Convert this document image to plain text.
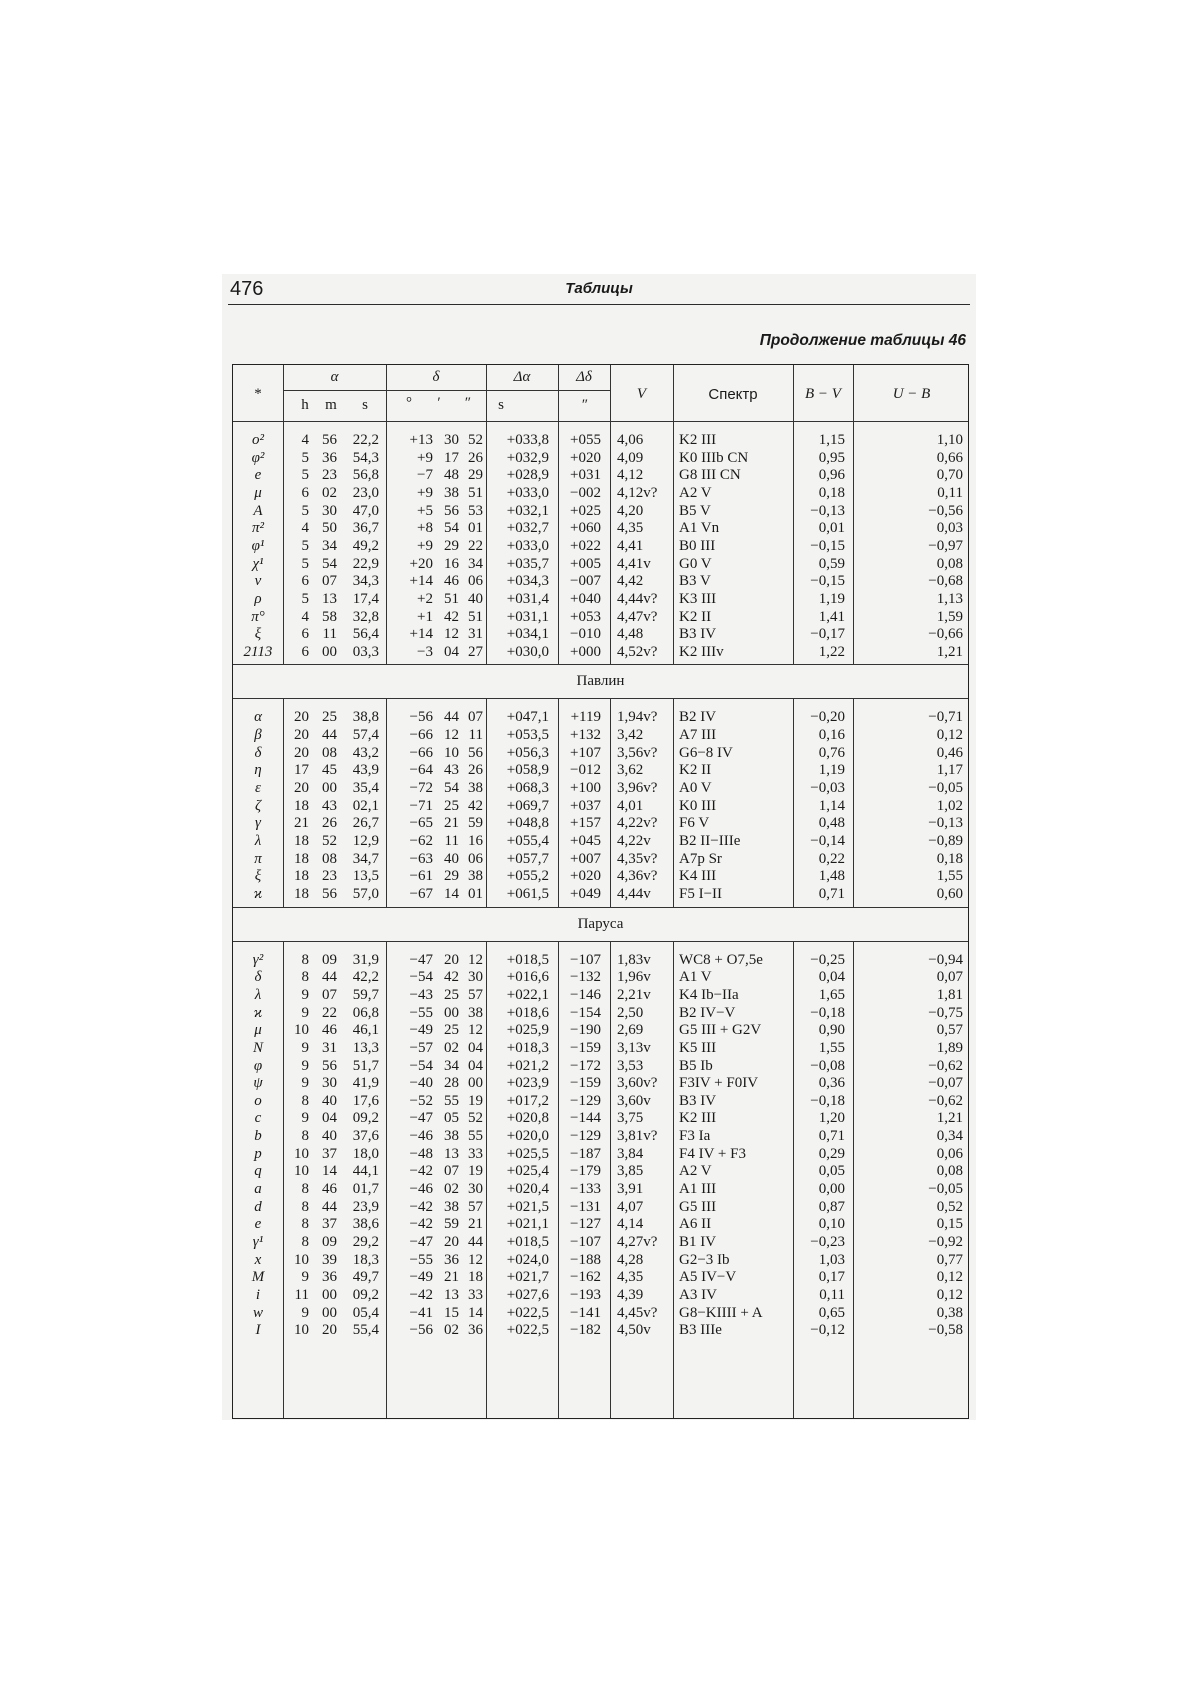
476	Таблицы
Продолжение таблицы 46
*
α
h	m	s
δ
°	′	″
Δα
s
Δδ
″
V	Спектр	B − V	U − B
o²	4 56	22,2	+13 30 52	+033,8	+055 4,06	K2 III	1,15	1,10
φ²	5 36	54,3	+9 17 26	+032,9	+020 4,09	K0 IIIb CN	0,95	0,66
e	5 23	56,8	−7 48 29	+028,9	+031 4,12	G8 III CN	0,96	0,70
μ	6 02	23,0	+9 38 51	+033,0	−002 4,12v?	A2 V	0,18	0,11
A	5 30	47,0	+5 56 53	+032,1	+025 4,20	B5 V	−0,13	−0,56
π²	4 50	36,7	+8 54 01	+032,7	+060 4,35	A1 Vn	0,01	0,03
φ¹	5 34	49,2	+9 29 22	+033,0	+022 4,41	B0 III	−0,15	−0,97
χ¹	5 54	22,9	+20 16 34	+035,7	+005 4,41v	G0 V	0,59	0,08
ν	6 07	34,3	+14 46 06	+034,3	−007 4,42	B3 V	−0,15	−0,68
ρ	5 13	17,4	+2 51 40	+031,4	+040 4,44v?	K3 III	1,19	1,13
π°	4 58	32,8	+1 42 51	+031,1	+053 4,47v?	K2 II	1,41	1,59
ξ	6 11	56,4	+14 12 31	+034,1	−010 4,48	B3 IV	−0,17	−0,66
2113	6 00	03,3	−3 04 27	+030,0	+000 4,52v?	K2 IIIv	1,22	1,21
Павлин
α	20 25	38,8	−56 44 07	+047,1	+119 1,94v?	B2 IV	−0,20	−0,71
β	20 44	57,4	−66 12 11	+053,5	+132 3,42	A7 III	0,16	0,12
δ	20 08	43,2	−66 10 56	+056,3	+107 3,56v?	G6−8 IV	0,76	0,46
η	17 45	43,9	−64 43 26	+058,9	−012 3,62	K2 II	1,19	1,17
ε	20 00	35,4	−72 54 38	+068,3	+100 3,96v?	A0 V	−0,03	−0,05
ζ	18 43	02,1	−71 25 42	+069,7	+037 4,01	K0 III	1,14	1,02
γ	21 26	26,7	−65 21 59	+048,8	+157 4,22v?	F6 V	0,48	−0,13
λ	18 52	12,9	−62 11 16	+055,4	+045 4,22v	B2 II−IIIe	−0,14	−0,89
π	18 08	34,7	−63 40 06	+057,7	+007 4,35v?	A7p Sr	0,22	0,18
ξ	18 23	13,5	−61 29 38	+055,2	+020 4,36v?	K4 III	1,48	1,55
ϰ	18 56	57,0	−67 14 01	+061,5	+049 4,44v	F5 I−II	0,71	0,60
Паруса
γ²	8 09	31,9	−47 20 12	+018,5	−107 1,83v	WC8 + O7,5e	−0,25	−0,94
δ	8 44	42,2	−54 42 30	+016,6	−132 1,96v	A1 V	0,04	0,07
λ	9 07	59,7	−43 25 57	+022,1	−146 2,21v	K4 Ib−IIa	1,65	1,81
ϰ	9 22	06,8	−55 00 38	+018,6	−154 2,50	B2 IV−V	−0,18	−0,75
μ	10 46	46,1	−49 25 12	+025,9	−190 2,69	G5 III + G2V	0,90	0,57
N	9 31	13,3	−57 02 04	+018,3	−159 3,13v	K5 III	1,55	1,89
φ	9 56	51,7	−54 34 04	+021,2	−172 3,53	B5 Ib	−0,08	−0,62
ψ	9 30	41,9	−40 28 00	+023,9	−159 3,60v?	F3IV + F0IV	0,36	−0,07
o	8 40	17,6	−52 55 19	+017,2	−129 3,60v	B3 IV	−0,18	−0,62
c	9 04	09,2	−47 05 52	+020,8	−144 3,75	K2 III	1,20	1,21
b	8 40	37,6	−46 38 55	+020,0	−129 3,81v?	F3 Ia	0,71	0,34
p	10 37	18,0	−48 13 33	+025,5	−187 3,84	F4 IV + F3	0,29	0,06
q	10 14	44,1	−42 07 19	+025,4	−179 3,85	A2 V	0,05	0,08
a	8 46	01,7	−46 02 30	+020,4	−133 3,91	A1 III	0,00	−0,05
d	8 44	23,9	−42 38 57	+021,5	−131 4,07	G5 III	0,87	0,52
e	8 37	38,6	−42 59 21	+021,1	−127 4,14	A6 II	0,10	0,15
γ¹	8 09	29,2	−47 20 44	+018,5	−107 4,27v?	B1 IV	−0,23	−0,92
x	10 39	18,3	−55 36 12	+024,0	−188 4,28	G2−3 Ib	1,03	0,77
M	9 36	49,7	−49 21 18	+021,7	−162 4,35	A5 IV−V	0,17	0,12
i	11 00	09,2	−42 13 33	+027,6	−193 4,39	A3 IV	0,11	0,12
w	9 00	05,4	−41 15 14	+022,5	−141 4,45v?	G8−KIIII + A	0,65	0,38
I	10 20	55,4	−56 02 36	+022,5	−182 4,50v	B3 IIIe	−0,12	−0,58
